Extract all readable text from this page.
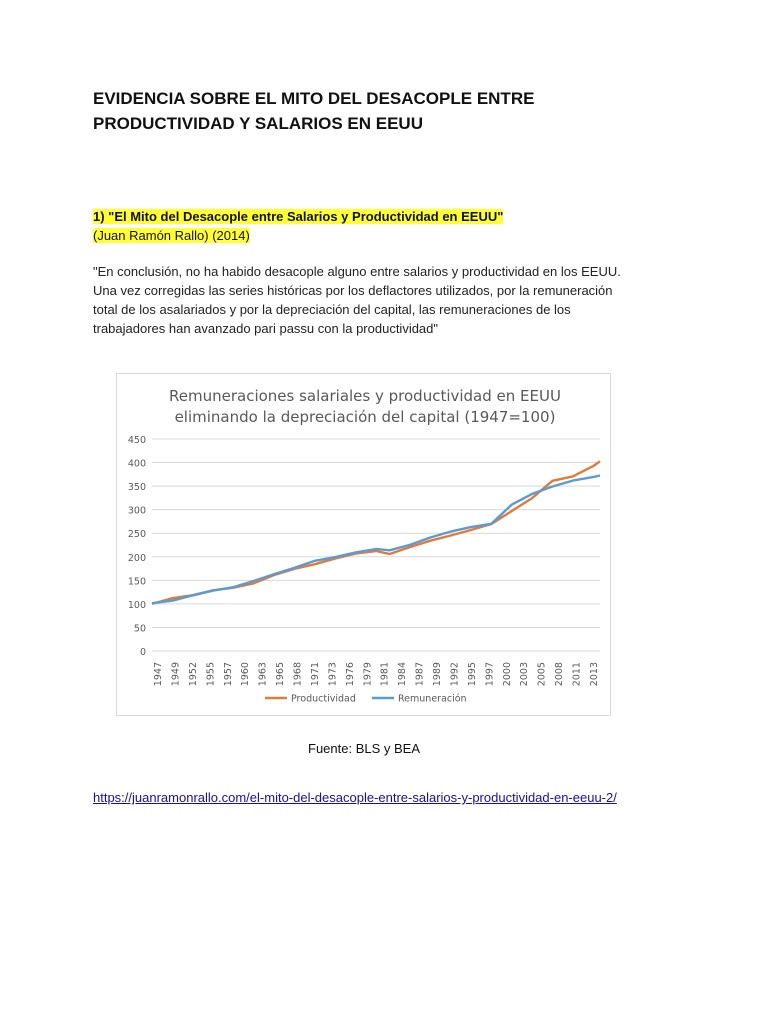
EVIDENCIA SOBRE EL MITO DEL DESACOPLE ENTRE
PRODUCTIVIDAD Y SALARIOS EN EEUU
1) "El Mito del Desacople entre Salarios y Productividad en EEUU"
(Juan Ramón Rallo) (2014)
"En conclusión, no ha habido desacople alguno entre salarios y productividad en los EEUU.
Una vez corregidas las series históricas por los deflactores utilizados, por la remuneración
total de los asalariados y por la depreciación del capital, las remuneraciones de los
trabajadores han avanzado pari passu con la productividad"
Remuneraciones salariales y productividad en EEUU
eliminando la depreciación del capital (1947=100)
0
50
100
150
200
250
300
350
400
450
1947 1949 1952 1955 1957 1960 1963 1965 1968 1971 1973 1976 1979 1981 1984 1987 1989 1992 1995 1997 2000 2003 2005 2008 2011 2013
Productividad	Remuneración
Fuente: BLS y BEA
https://juanramonrallo.com/el-mito-del-desacople-entre-salarios-y-productividad-en-eeuu-2/
